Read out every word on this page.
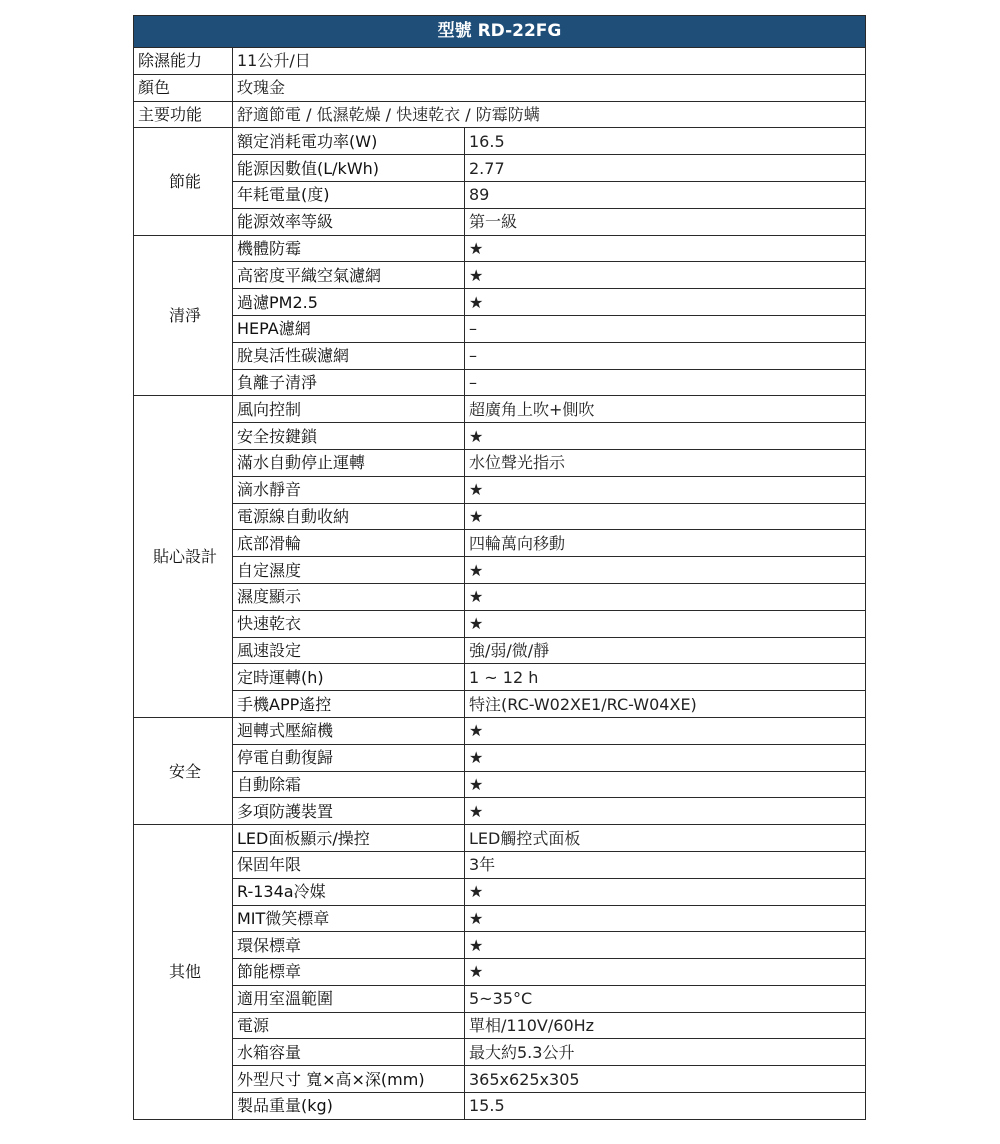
型號 RD-22FG		
除濕能力	11公升/日	
顏色	玫瑰金	
主要功能	舒適節電 / 低濕乾燥 / 快速乾衣 / 防霉防螨	
節能	額定消耗電功率(W)	16.5
	能源因數值(L/kWh)	2.77
	年耗電量(度)	89
	能源效率等級	第一級
清淨	機體防霉	★
	高密度平織空氣濾網	★
	過濾PM2.5	★
	HEPA濾網	–
	脫臭活性碳濾網	–
	負離子清淨	–
貼心設計	風向控制	超廣角上吹+側吹
	安全按鍵鎖	★
	滿水自動停止運轉	水位聲光指示
	滴水靜音	★
	電源線自動收納	★
	底部滑輪	四輪萬向移動
	自定濕度	★
	濕度顯示	★
	快速乾衣	★
	風速設定	強/弱/微/靜
	定時運轉(h)	1 ~ 12 h
	手機APP遙控	特注(RC-W02XE1/RC-W04XE)
安全	迴轉式壓縮機	★
	停電自動復歸	★
	自動除霜	★
	多項防護裝置	★
其他	LED面板顯示/操控	LED觸控式面板
	保固年限	3年
	R-134a冷媒	★
	MIT微笑標章	★
	環保標章	★
	節能標章	★
	適用室溫範圍	5~35°C
	電源	單相/110V/60Hz
	水箱容量	最大約5.3公升
	外型尺寸 寬×高×深(mm)	365x625x305
	製品重量(kg)	15.5
